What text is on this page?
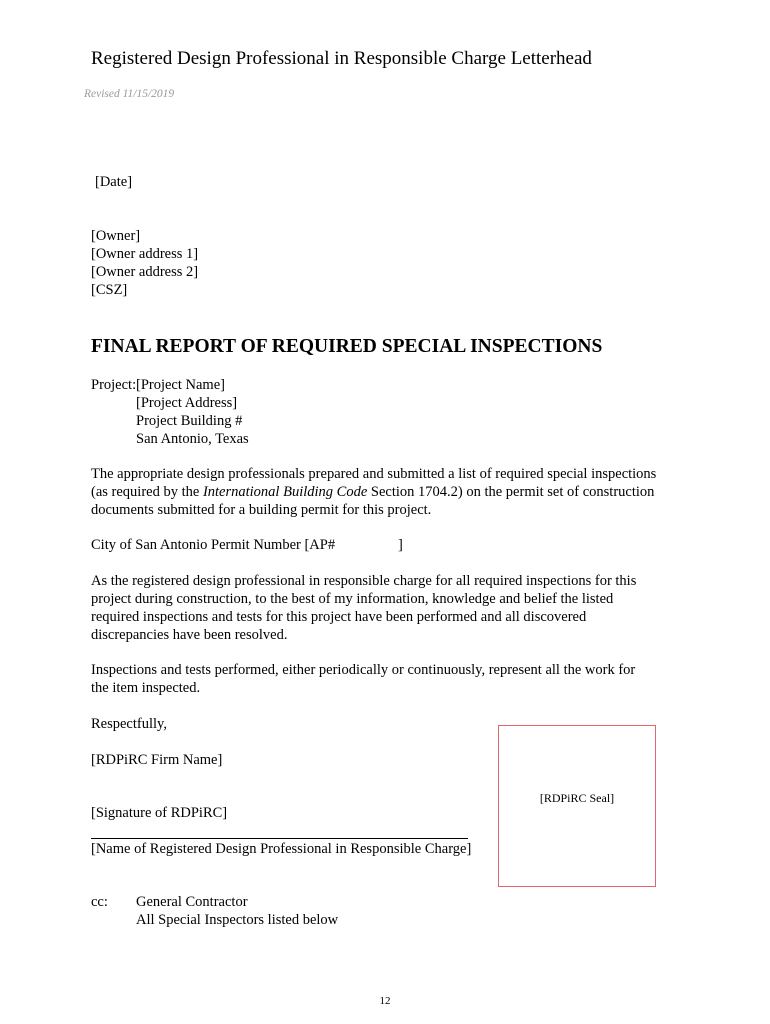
Registered Design Professional in Responsible Charge Letterhead
Revised 11/15/2019
[Date]
[Owner]
[Owner address 1]
[Owner address 2]
[CSZ]
FINAL REPORT OF REQUIRED SPECIAL INSPECTIONS
Project: [Project Name]
[Project Address]
Project Building #
San Antonio, Texas
The appropriate design professionals prepared and submitted a list of required special inspections
(as required by the International Building Code Section 1704.2) on the permit set of construction
documents submitted for a building permit for this project.
City of San Antonio Permit Number [AP#	]
As the registered design professional in responsible charge for all required inspections for this
project during construction, to the best of my information, knowledge and belief the listed
required inspections and tests for this project have been performed and all discovered
discrepancies have been resolved.
Inspections and tests performed, either periodically or continuously, represent all the work for
the item inspected.
Respectfully,
[RDPiRC Firm Name]
[Signature of RDPiRC]
[Name of Registered Design Professional in Responsible Charge]
[RDPiRC Seal]
cc: General Contractor
All Special Inspectors listed below
12
